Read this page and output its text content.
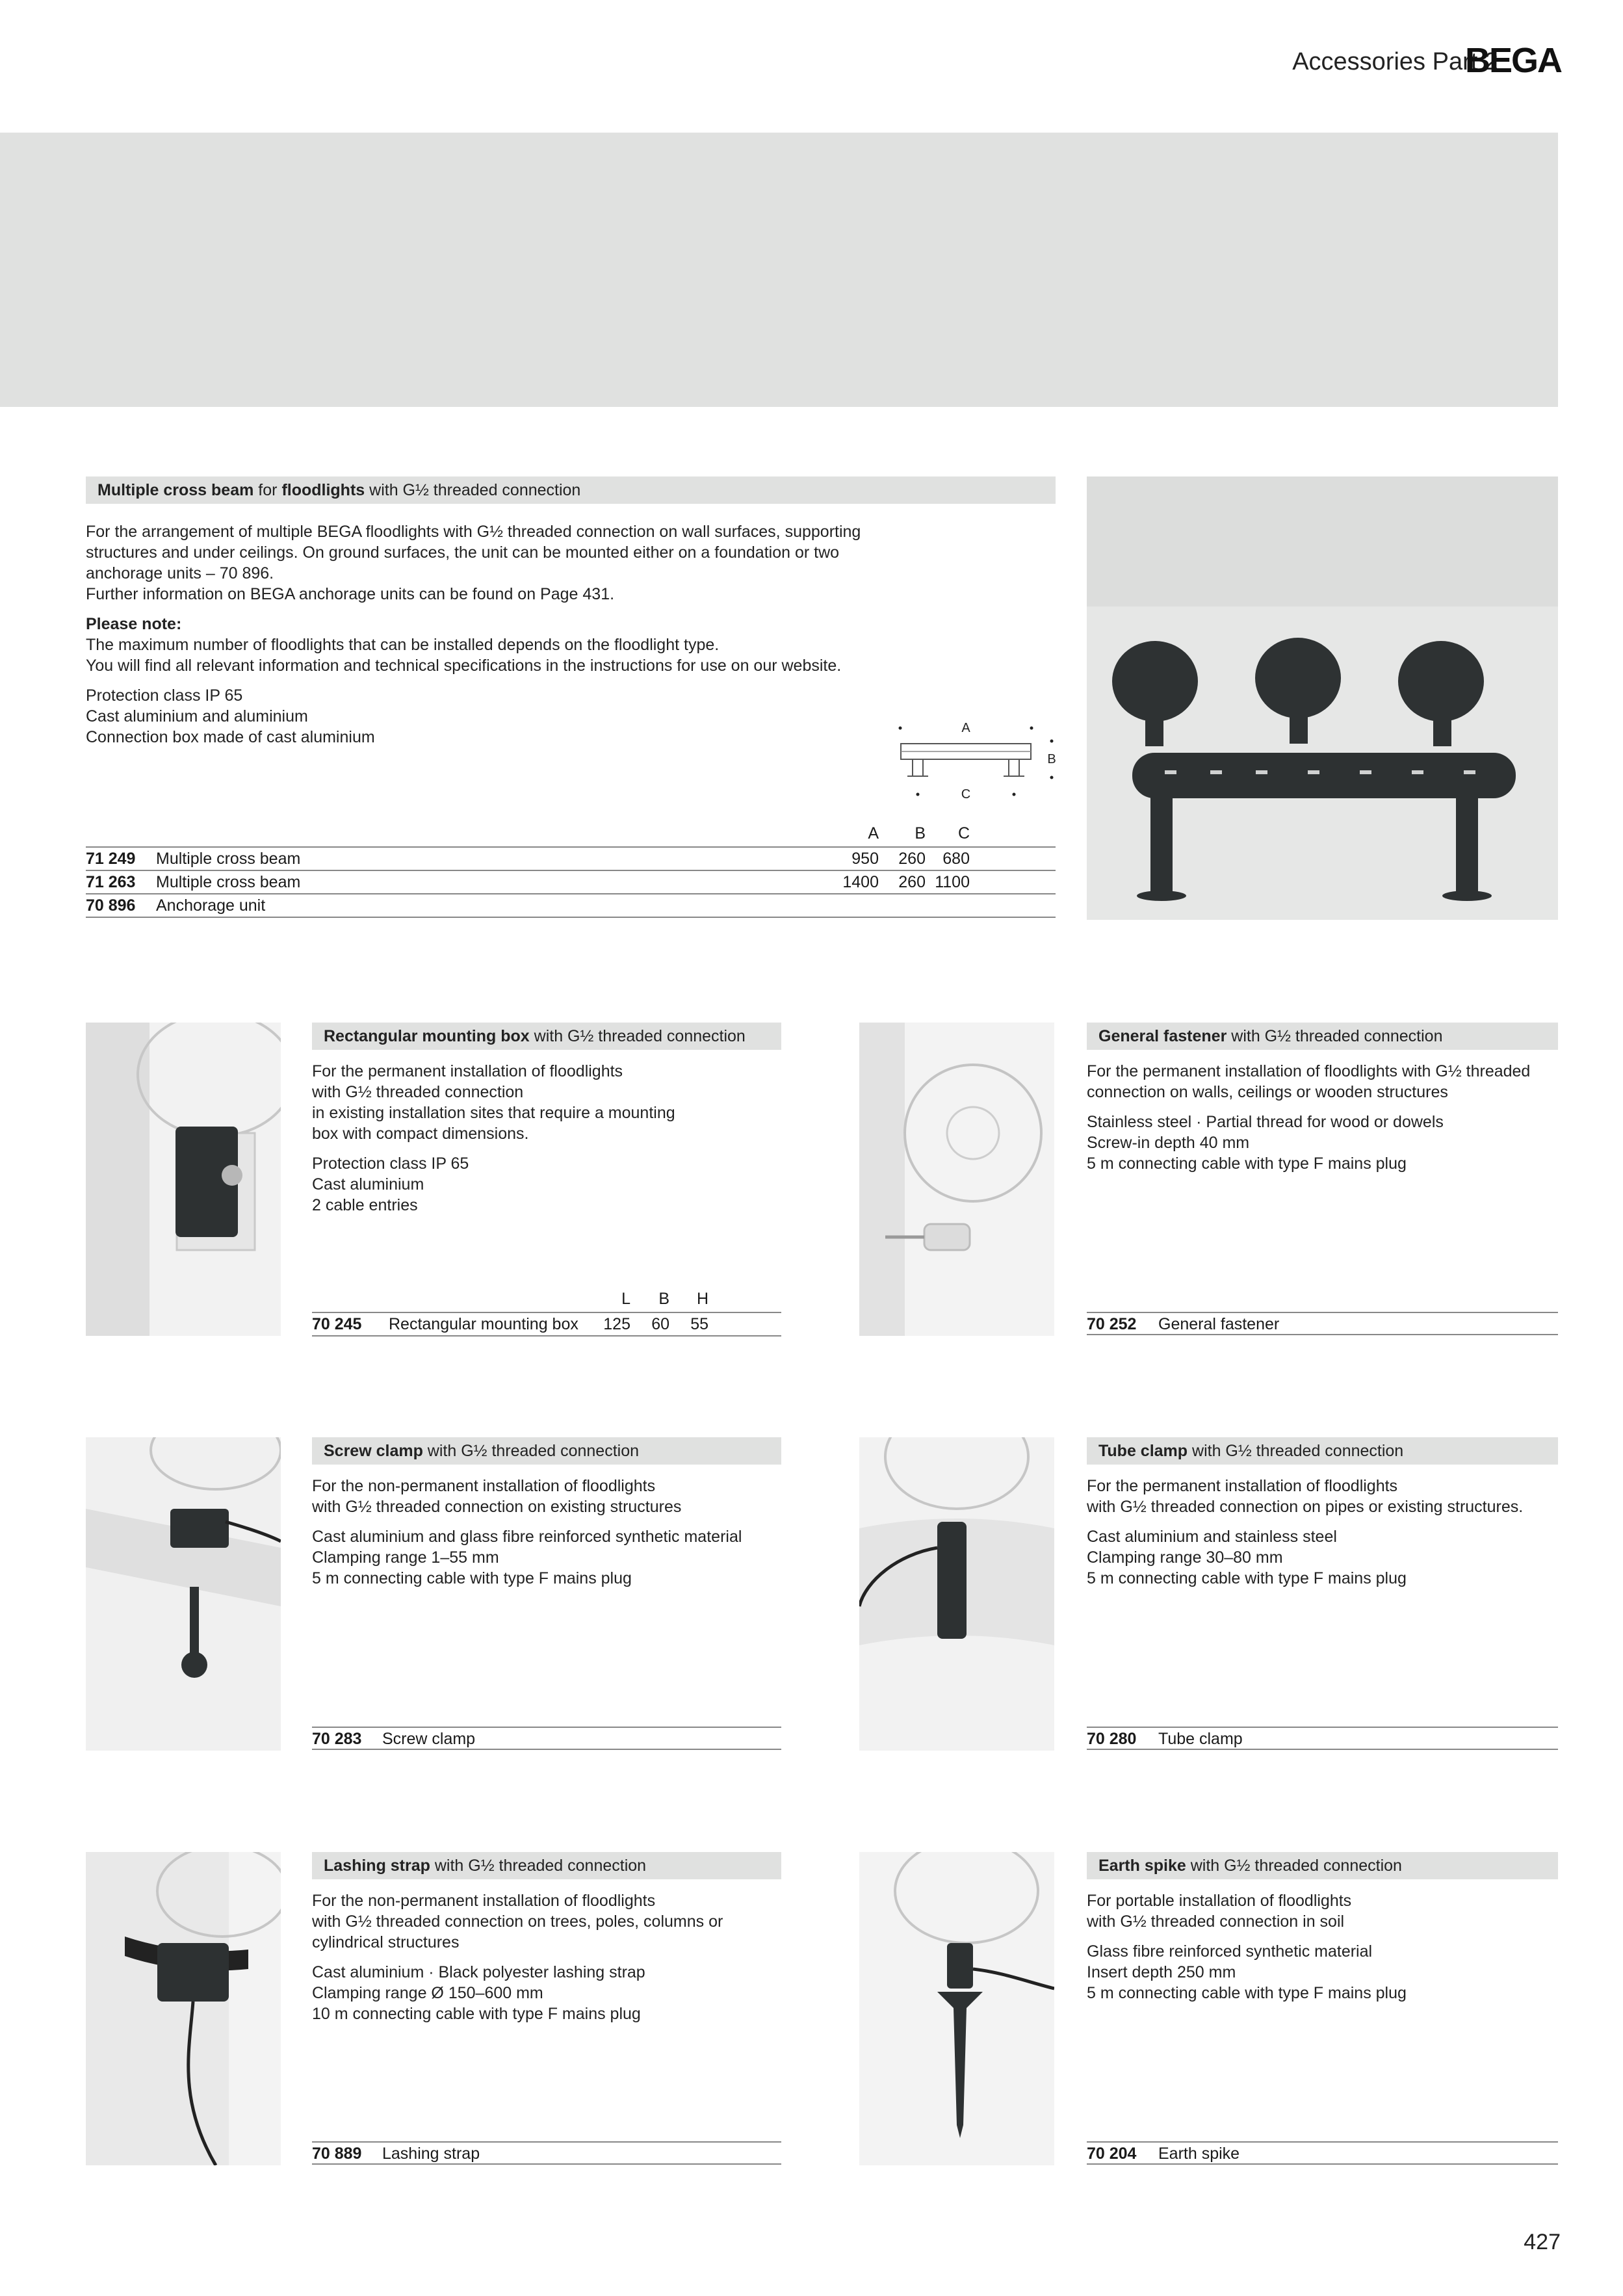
Accessories Part 2
BEGA
Multiple cross beam for floodlights with G½ threaded connection

For the arrangement of multiple BEGA floodlights with G½ threaded connection on wall surfaces, supporting
structures and under ceilings. On ground surfaces, the unit can be mounted either on a foundation or two
anchorage units – 70 896.
Further information on BEGA anchorage units can be found on Page 431.

Please note:
The maximum number of floodlights that can be installed depends on the floodlight type.
You will find all relevant information and technical specifications in the instructions for use on our website.

Protection class IP 65
Cast aluminium and aluminium
Connection box made of cast aluminium	A
B
C
A	B	C
71 249 Multiple cross beam	950	260	680
71 263 Multiple cross beam	1400	260 1100
70 896 Anchorage unit
Rectangular mounting box with G½ threaded connection

For the permanent installation of floodlights
with G½ threaded connection
in existing installation sites that require a mounting
box with compact dimensions.

Protection class IP 65
Cast aluminium
2 cable entries

L	B	H
70 245 Rectangular mounting box	125	60	55
General fastener with G½ threaded connection

For the permanent installation of floodlights with G½ threaded
connection on walls, ceilings or wooden structures

Stainless steel · Partial thread for wood or dowels
Screw-in depth 40 mm
5 m connecting cable with type F mains plug

70 252 General fastener
Screw clamp with G½ threaded connection

For the non-permanent installation of floodlights
with G½ threaded connection on existing structures

Cast aluminium and glass fibre reinforced synthetic material
Clamping range 1–55 mm
5 m connecting cable with type F mains plug

70 283 Screw clamp
Tube clamp with G½ threaded connection

For the permanent installation of floodlights
with G½ threaded connection on pipes or existing structures.

Cast aluminium and stainless steel
Clamping range 30–80 mm
5 m connecting cable with type F mains plug

70 280 Tube clamp
Lashing strap with G½ threaded connection

For the non-permanent installation of floodlights
with G½ threaded connection on trees, poles, columns or
cylindrical structures

Cast aluminium · Black polyester lashing strap
Clamping range Ø 150–600 mm
10 m connecting cable with type F mains plug

70 889 Lashing strap
Earth spike with G½ threaded connection

For portable installation of floodlights
with G½ threaded connection in soil

Glass fibre reinforced synthetic material
Insert depth 250 mm
5 m connecting cable with type F mains plug

70 204 Earth spike
427
